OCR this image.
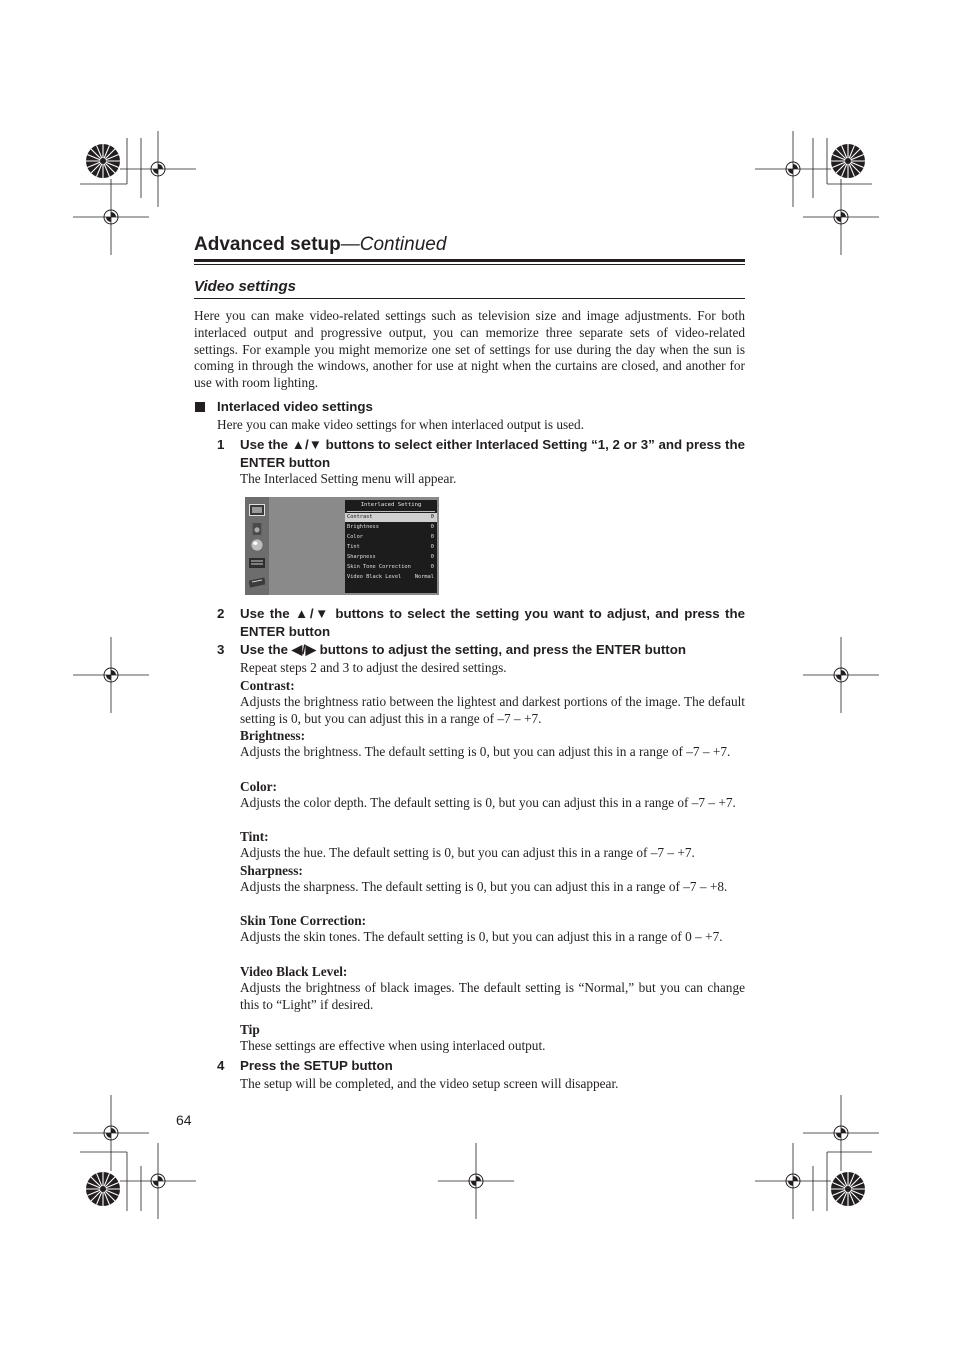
Advanced setup—Continued
Video settings
Here you can make video-related settings such as television size and image adjustments. For both interlaced output and progressive output, you can memorize three separate sets of video-related settings. For example you might memorize one set of settings for use during the day when the sun is coming in through the windows, another for use at night when the curtains are closed, and another for use with room lighting.
Interlaced video settings
Here you can make video settings for when interlaced output is used.
1 Use the ▲/▼ buttons to select either Interlaced Setting “1, 2 or 3” and press the ENTER button
The Interlaced Setting menu will appear.
Interlaced Setting
Contrast	0
Brightness	0
Color	0
Tint	0
Sharpness	0
Skin Tone Correction	0
Video Black Level	Normal
2 Use the ▲/▼ buttons to select the setting you want to adjust, and press the ENTER button
3 Use the ◀/▶ buttons to adjust the setting, and press the ENTER button
Repeat steps 2 and 3 to adjust the desired settings.
Contrast:
Adjusts the brightness ratio between the lightest and darkest portions of the image. The default setting is 0, but you can adjust this in a range of –7 – +7.
Brightness:
Adjusts the brightness. The default setting is 0, but you can adjust this in a range of –7 – +7.
Color:
Adjusts the color depth. The default setting is 0, but you can adjust this in a range of –7 – +7.
Tint:
Adjusts the hue. The default setting is 0, but you can adjust this in a range of –7 – +7.
Sharpness:
Adjusts the sharpness. The default setting is 0, but you can adjust this in a range of –7 – +8.
Skin Tone Correction:
Adjusts the skin tones. The default setting is 0, but you can adjust this in a range of 0 – +7.
Video Black Level:
Adjusts the brightness of black images. The default setting is “Normal,” but you can change this to “Light” if desired.
Tip
These settings are effective when using interlaced output.
4 Press the SETUP button
The setup will be completed, and the video setup screen will disappear.
64
